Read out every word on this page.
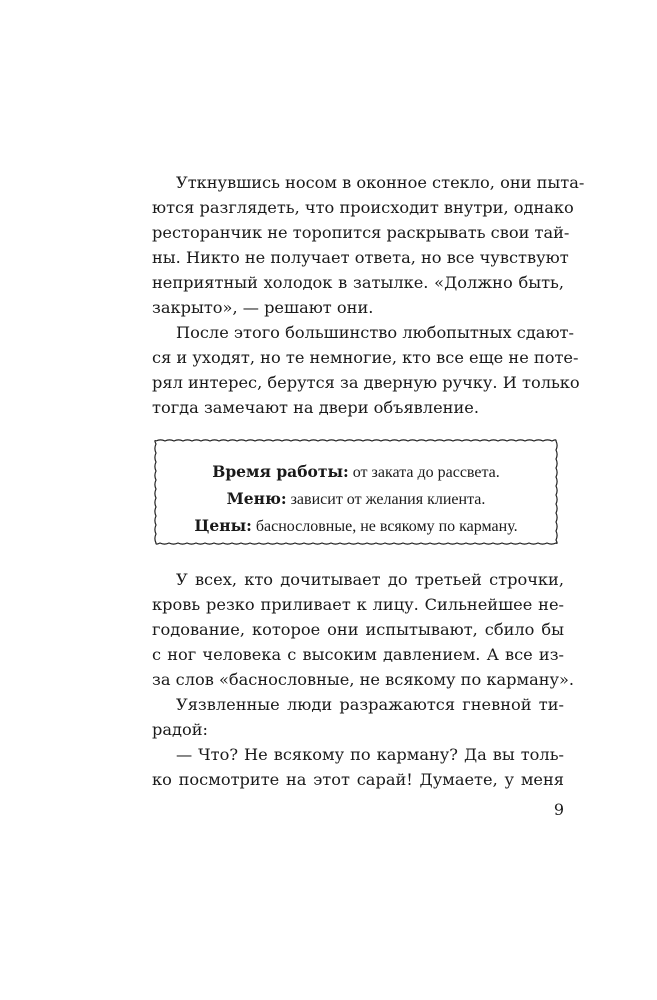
Уткнувшись носом в оконное стекло, они пыта-
ются разглядеть, что происходит внутри, однако
ресторанчик не торопится раскрывать свои тай-
ны. Никто не получает ответа, но все чувствуют
неприятный холодок в затылке. «Должно быть,
закрыто», — решают они.

После этого большинство любопытных сдают-
ся и уходят, но те немногие, кто все еще не поте-
рял интерес, берутся за дверную ручку. И только
тогда замечают на двери объявление.

Время работы: от заката до рассвета.
Меню: зависит от желания клиента.
Цены: баснословные, не всякому по карману.

У всех, кто дочитывает до третьей строчки,
кровь резко приливает к лицу. Сильнейшее не-
годование, которое они испытывают, сбило бы
с ног человека с высоким давлением. А все из-
за слов «баснословные, не всякому по карману».

Уязвленные люди разражаются гневной ти-
радой:

— Что? Не всякому по карману? Да вы толь-
ко посмотрите на этот сарай! Думаете, у меня

9
